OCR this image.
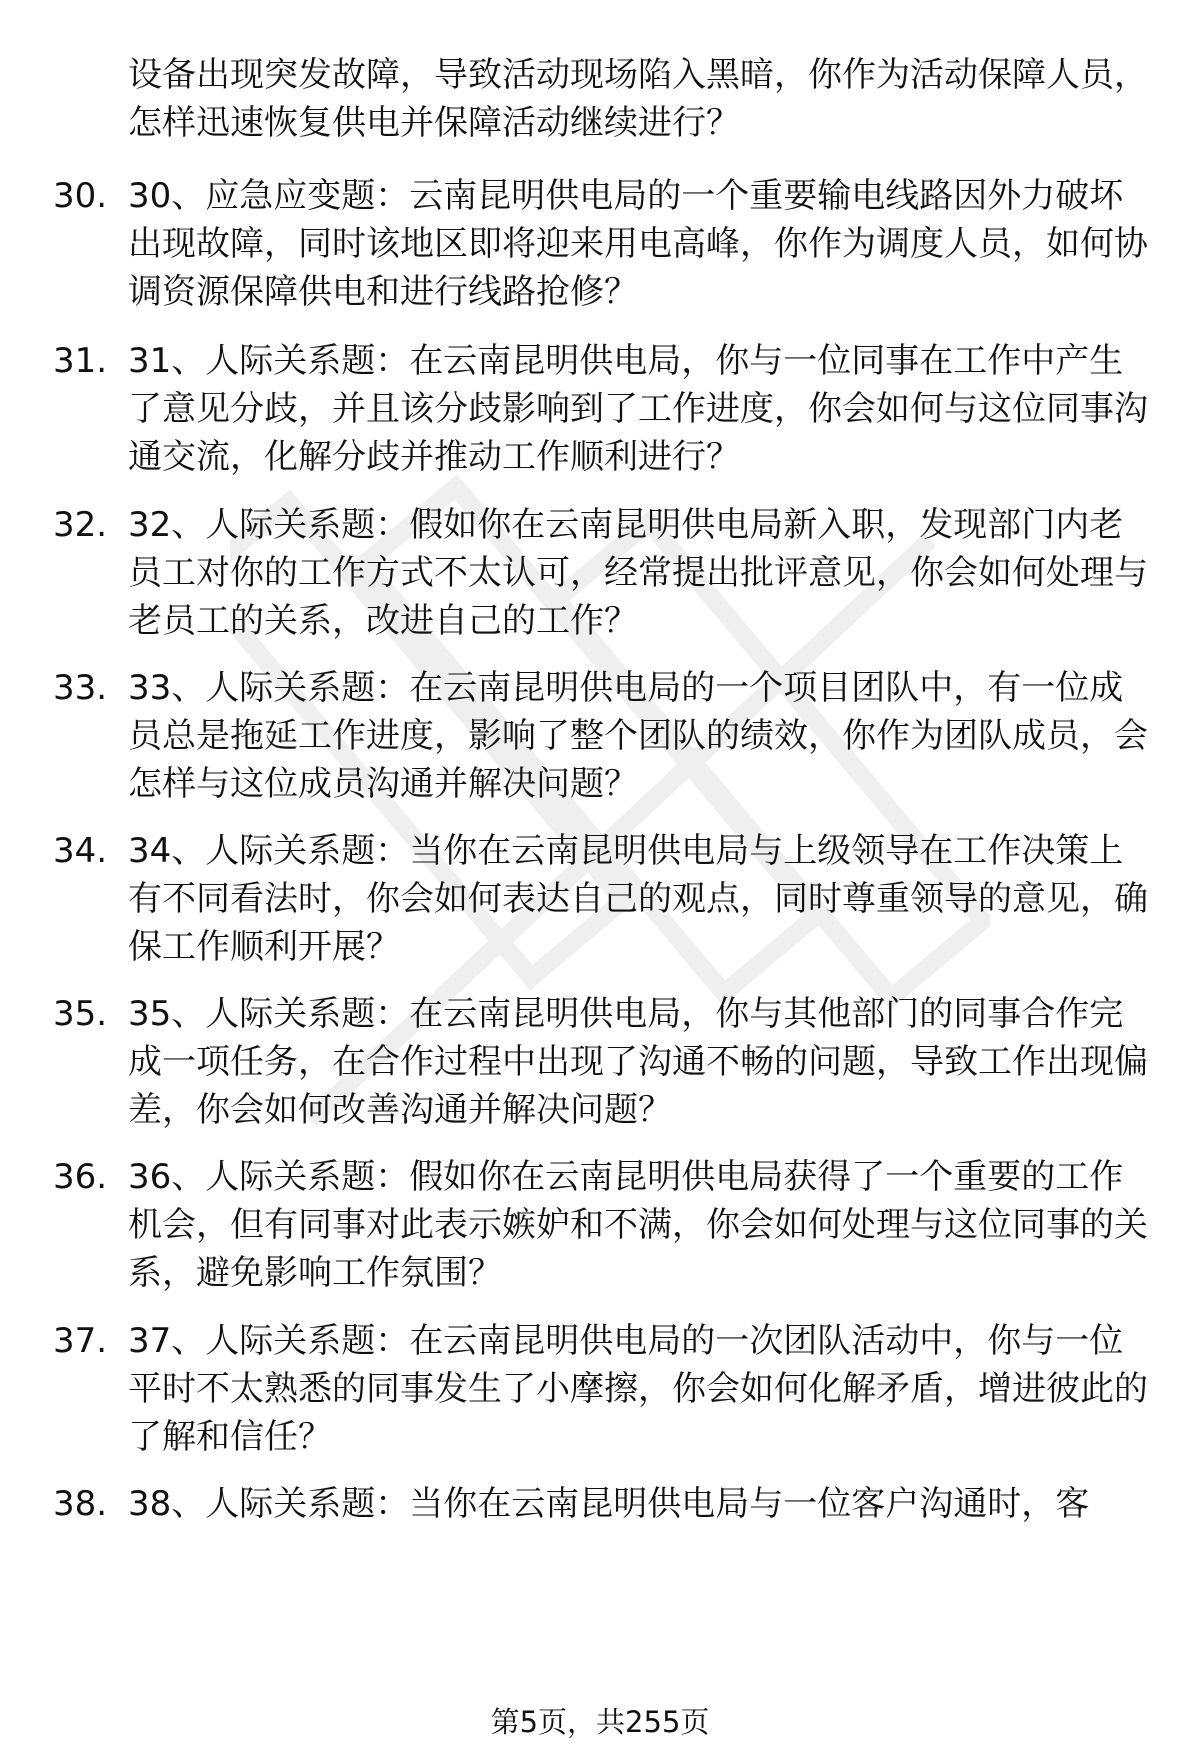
设备出现突发故障，导致活动现场陷入黑暗，你作为活动保障人员，怎样迅速恢复供电并保障活动继续进行？
30. 30、应急应变题：云南昆明供电局的一个重要输电线路因外力破坏出现故障，同时该地区即将迎来用电高峰，你作为调度人员，如何协调资源保障供电和进行线路抢修？
31. 31、人际关系题：在云南昆明供电局，你与一位同事在工作中产生了意见分歧，并且该分歧影响到了工作进度，你会如何与这位同事沟通交流，化解分歧并推动工作顺利进行？
32. 32、人际关系题：假如你在云南昆明供电局新入职，发现部门内老员工对你的工作方式不太认可，经常提出批评意见，你会如何处理与老员工的关系，改进自己的工作？
33. 33、人际关系题：在云南昆明供电局的一个项目团队中，有一位成员总是拖延工作进度，影响了整个团队的绩效，你作为团队成员，会怎样与这位成员沟通并解决问题？
34. 34、人际关系题：当你在云南昆明供电局与上级领导在工作决策上有不同看法时，你会如何表达自己的观点，同时尊重领导的意见，确保工作顺利开展？
35. 35、人际关系题：在云南昆明供电局，你与其他部门的同事合作完成一项任务，在合作过程中出现了沟通不畅的问题，导致工作出现偏差，你会如何改善沟通并解决问题？
36. 36、人际关系题：假如你在云南昆明供电局获得了一个重要的工作机会，但有同事对此表示嫉妒和不满，你会如何处理与这位同事的关系，避免影响工作氛围？
37. 37、人际关系题：在云南昆明供电局的一次团队活动中，你与一位平时不太熟悉的同事发生了小摩擦，你会如何化解矛盾，增进彼此的了解和信任？
38. 38、人际关系题：当你在云南昆明供电局与一位客户沟通时，客
第5页，共255页
